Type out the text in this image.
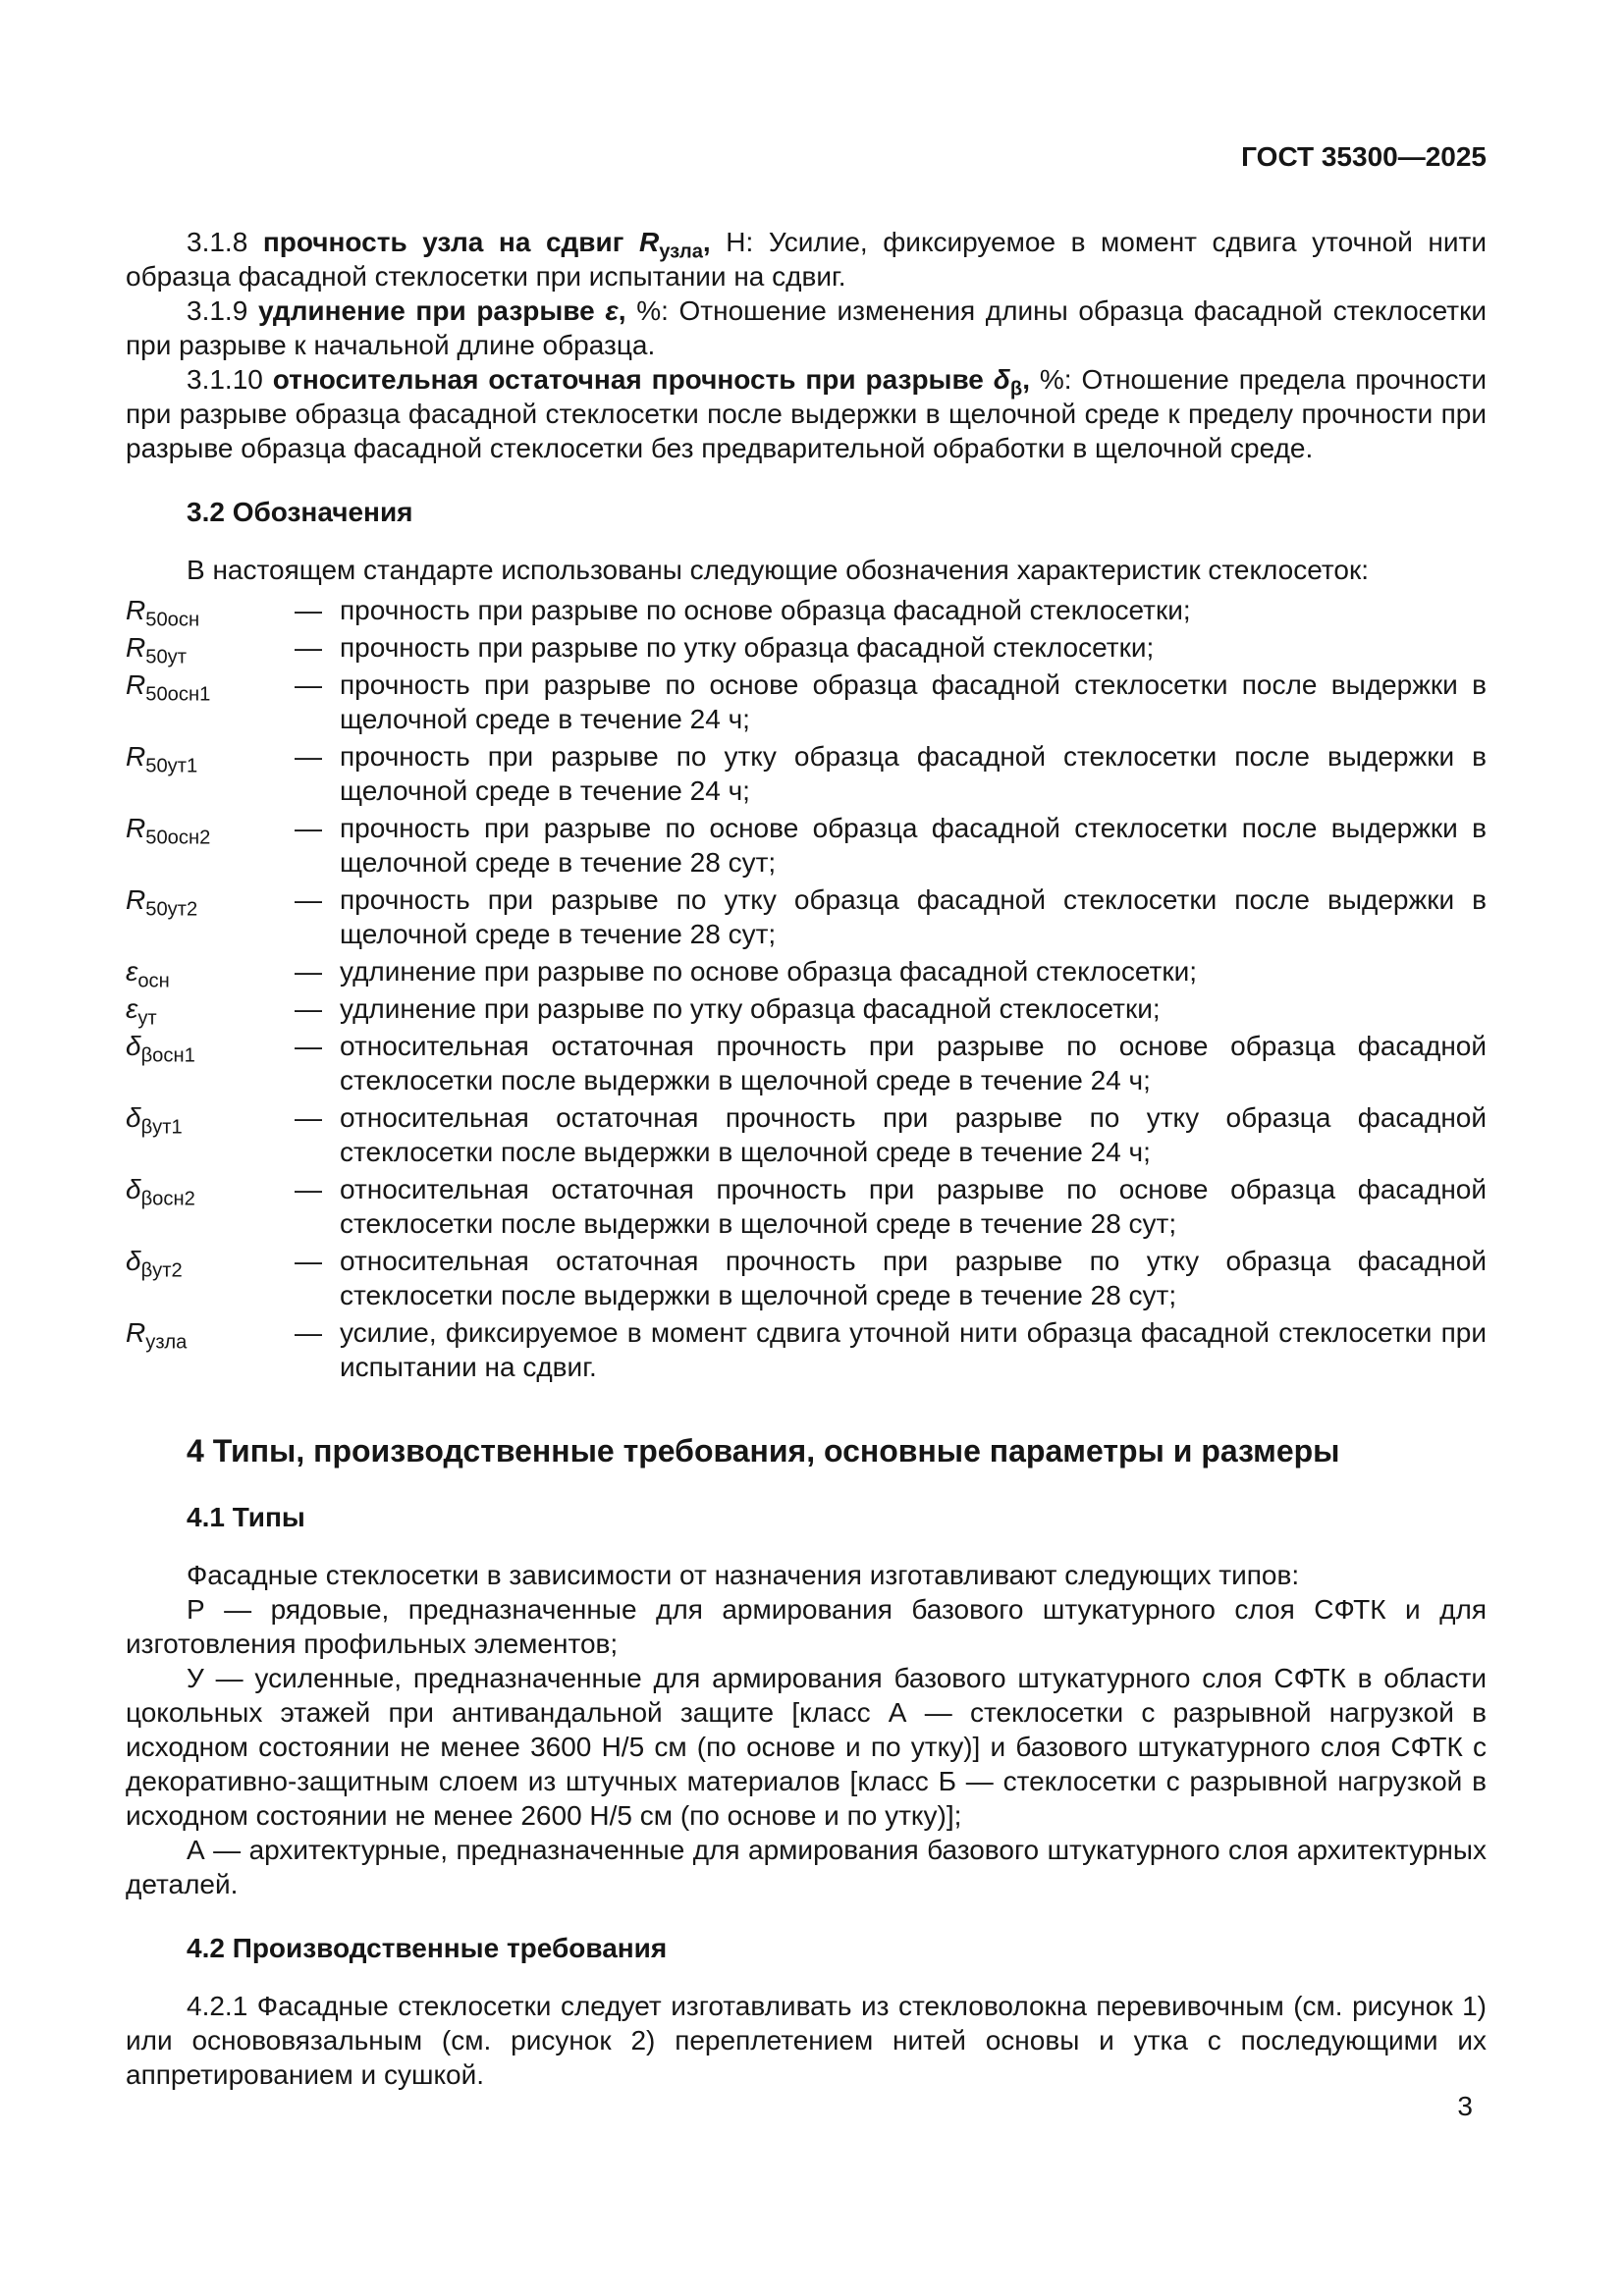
ГОСТ 35300—2025

3.1.8 прочность узла на сдвиг $R_{узла}$, Н: Усилие, фиксируемое в момент сдвига уточной нити образца фасадной стеклосетки при испытании на сдвиг.

3.1.9 удлинение при разрыве ε, %: Отношение изменения длины образца фасадной стеклосетки при разрыве к начальной длине образца.

3.1.10 относительная остаточная прочность при разрыве $\delta_\beta$, %: Отношение предела прочности при разрыве образца фасадной стеклосетки после выдержки в щелочной среде к пределу прочности при разрыве образца фасадной стеклосетки без предварительной обработки в щелочной среде.

3.2 Обозначения

В настоящем стандарте использованы следующие обозначения характеристик стеклосеток:

$R_{50осн}$	— прочность при разрыве по основе образца фасадной стеклосетки;
$R_{50ут}$	— прочность при разрыве по утку образца фасадной стеклосетки;
$R_{50осн1}$	— прочность при разрыве по основе образца фасадной стеклосетки после выдержки в щелочной среде в течение 24 ч;
$R_{50ут1}$	— прочность при разрыве по утку образца фасадной стеклосетки после выдержки в щелочной среде в течение 24 ч;
$R_{50осн2}$	— прочность при разрыве по основе образца фасадной стеклосетки после выдержки в щелочной среде в течение 28 сут;
$R_{50ут2}$	— прочность при разрыве по утку образца фасадной стеклосетки после выдержки в щелочной среде в течение 28 сут;
$\varepsilon_{осн}$	— удлинение при разрыве по основе образца фасадной стеклосетки;
$\varepsilon_{ут}$	— удлинение при разрыве по утку образца фасадной стеклосетки;
$\delta_{\beta осн1}$	— относительная остаточная прочность при разрыве по основе образца фасадной стеклосетки после выдержки в щелочной среде в течение 24 ч;
$\delta_{\beta ут1}$	— относительная остаточная прочность при разрыве по утку образца фасадной стеклосетки после выдержки в щелочной среде в течение 24 ч;
$\delta_{\beta осн2}$	— относительная остаточная прочность при разрыве по основе образца фасадной стеклосетки после выдержки в щелочной среде в течение 28 сут;
$\delta_{\beta ут2}$	— относительная остаточная прочность при разрыве по утку образца фасадной стеклосетки после выдержки в щелочной среде в течение 28 сут;
$R_{узла}$	— усилие, фиксируемое в момент сдвига уточной нити образца фасадной стеклосетки при испытании на сдвиг.
4 Типы, производственные требования, основные параметры и размеры
4.1 Типы

Фасадные стеклосетки в зависимости от назначения изготавливают следующих типов:

Р — рядовые, предназначенные для армирования базового штукатурного слоя СФТК и для изготовления профильных элементов;

У — усиленные, предназначенные для армирования базового штукатурного слоя СФТК в области цокольных этажей при антивандальной защите [класс А — стеклосетки с разрывной нагрузкой в исходном состоянии не менее 3600 Н/5 см (по основе и по утку)] и базового штукатурного слоя СФТК с декоративно-защитным слоем из штучных материалов [класс Б — стеклосетки с разрывной нагрузкой в исходном состоянии не менее 2600 Н/5 см (по основе и по утку)];

А — архитектурные, предназначенные для армирования базового штукатурного слоя архитектурных деталей.

4.2 Производственные требования

4.2.1 Фасадные стеклосетки следует изготавливать из стекловолокна перевивочным (см. рисунок 1) или основовязальным (см. рисунок 2) переплетением нитей основы и утка с последующими их аппретированием и сушкой.

3
